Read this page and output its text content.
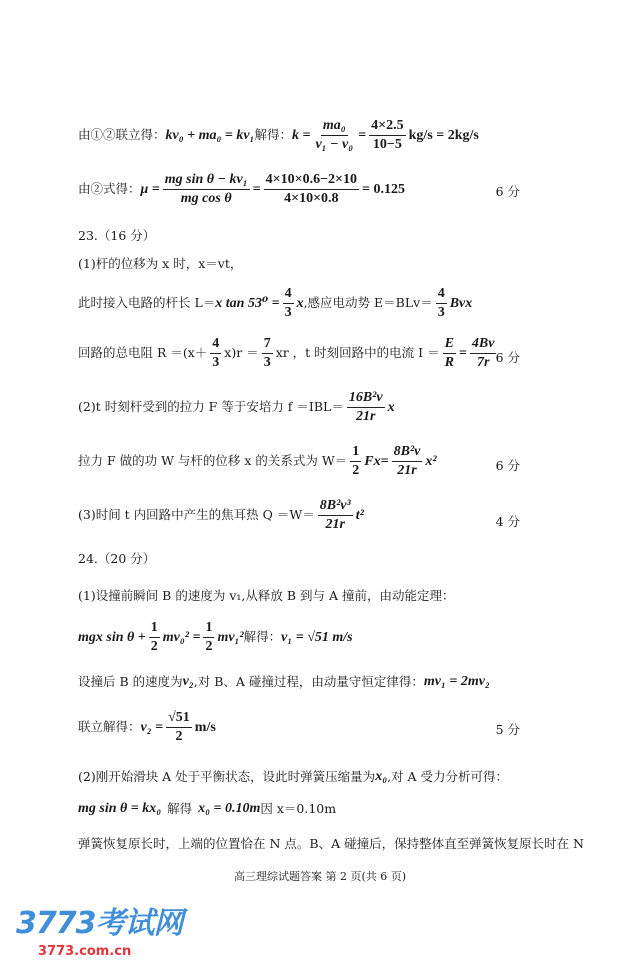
由①②联立得： kv₀ + ma₀ = kv₁ 解得： $k = \frac{\text{ma₀}}{\text{v₁ − v₀}} = \frac{4\times 2.5}{10-5} kg/s = 2kg/s$
由②式得： $\mu = \frac{\text{mg sin θ − kv₁}}{\text{mg cos θ}} = \frac{4\times 10\times 0.6-2\times 10}{4\times 10\times 0.8} = 0.125$	6 分
23.（16 分）
(1)杆的位移为 x 时，x＝vt，
此时接入电路的杆长 L＝ x $\tan 53^0 = \frac{4}{3}$ x ,感应电动势 $E=BLv= \frac{4}{3}$ Bvx
回路的总电阻 $R =(x+ \frac{4}{3} x)r = \frac{7}{3}$ xr ，t 时刻回路中的电流 $I = \frac{E}{R} = \frac{4Bv}{7r} 6$ 分
(2)t 时刻杆受到的拉力 F 等于安培力 $f =IBL= \frac{\text{16B²v}}{21r}$ x
拉力 F 做的功 W 与杆的位移 x 的关系式为 $W= \frac{1}{2} Fx= \frac{\text{8B²v}}{21r} x^2$	6 分
(3)时间 t 内回路中产生的焦耳热 $Q =W= \frac{\text{8B²v³}}{21r} t^2$	4 分
24.（20 分）
(1)设撞前瞬间 B 的速度为 v₁,从释放 B 到与 A 撞前，由动能定理：
mgx $\sin \theta + \frac{1}{2} mv_0^2 = \frac{1}{2} mv_1^2$ 解得： v₁ = √51 m/s
设撞后 B 的速度为 v₂ ,对 B、A 碰撞过程，由动量守恒定律得： mv₁ = 2mv₂
联立解得： $v_2 = \frac{√51}{2} m/s$	5 分
(2)刚开始滑块 A 处于平衡状态，设此时弹簧压缩量为 x₀ ,对 A 受力分析可得：
mg sin θ = kx₀ 解得 x₀ = 0.10m 因 x＝0.10m
弹簧恢复原长时，上端的位置恰在 N 点。B、A 碰撞后，保持整体直至弹簧恢复原长时在 N
高三理综试题答案 第 2 页(共 6 页)
3773考试网
3773.com.cn
